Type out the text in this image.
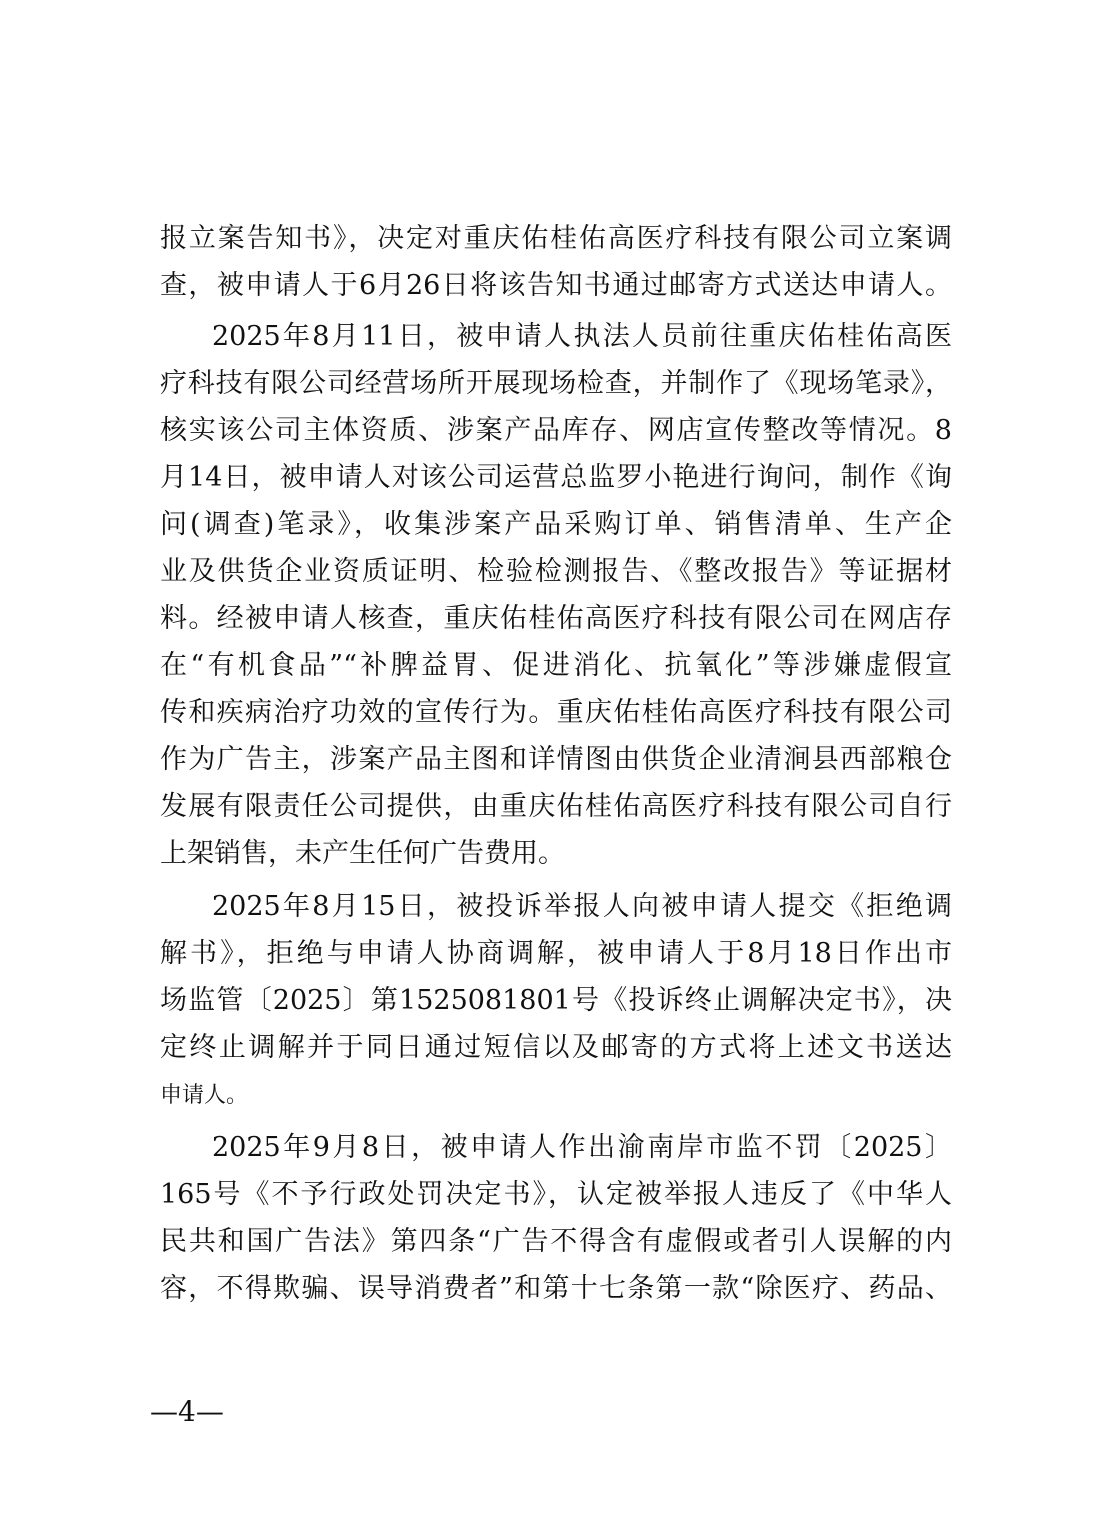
报立案告知书》，决定对重庆佑桂佑高医疗科技有限公司立案调
查，被申请人于6月26日将该告知书通过邮寄方式送达申请人。
2025年8月11日，被申请人执法人员前往重庆佑桂佑高医
疗科技有限公司经营场所开展现场检查，并制作了《现场笔录》，
核实该公司主体资质、涉案产品库存、网店宣传整改等情况。8
月14日，被申请人对该公司运营总监罗小艳进行询问，制作《询
问(调查)笔录》，收集涉案产品采购订单、销售清单、生产企
业及供货企业资质证明、检验检测报告、《整改报告》等证据材
料。经被申请人核查，重庆佑桂佑高医疗科技有限公司在网店存
在“有机食品”“补脾益胃、促进消化、抗氧化”等涉嫌虚假宣
传和疾病治疗功效的宣传行为。重庆佑桂佑高医疗科技有限公司
作为广告主，涉案产品主图和详情图由供货企业清涧县西部粮仓
发展有限责任公司提供，由重庆佑桂佑高医疗科技有限公司自行
上架销售，未产生任何广告费用。
2025年8月15日，被投诉举报人向被申请人提交《拒绝调
解书》，拒绝与申请人协商调解，被申请人于8月18日作出市
场监管〔2025〕第1525081801号《投诉终止调解决定书》，决
定终止调解并于同日通过短信以及邮寄的方式将上述文书送达
申请人。
2025年9月8日，被申请人作出渝南岸市监不罚〔2025〕
165号《不予行政处罚决定书》，认定被举报人违反了《中华人
民共和国广告法》第四条“广告不得含有虚假或者引人误解的内
容，不得欺骗、误导消费者”和第十七条第一款“除医疗、药品、
—4—
